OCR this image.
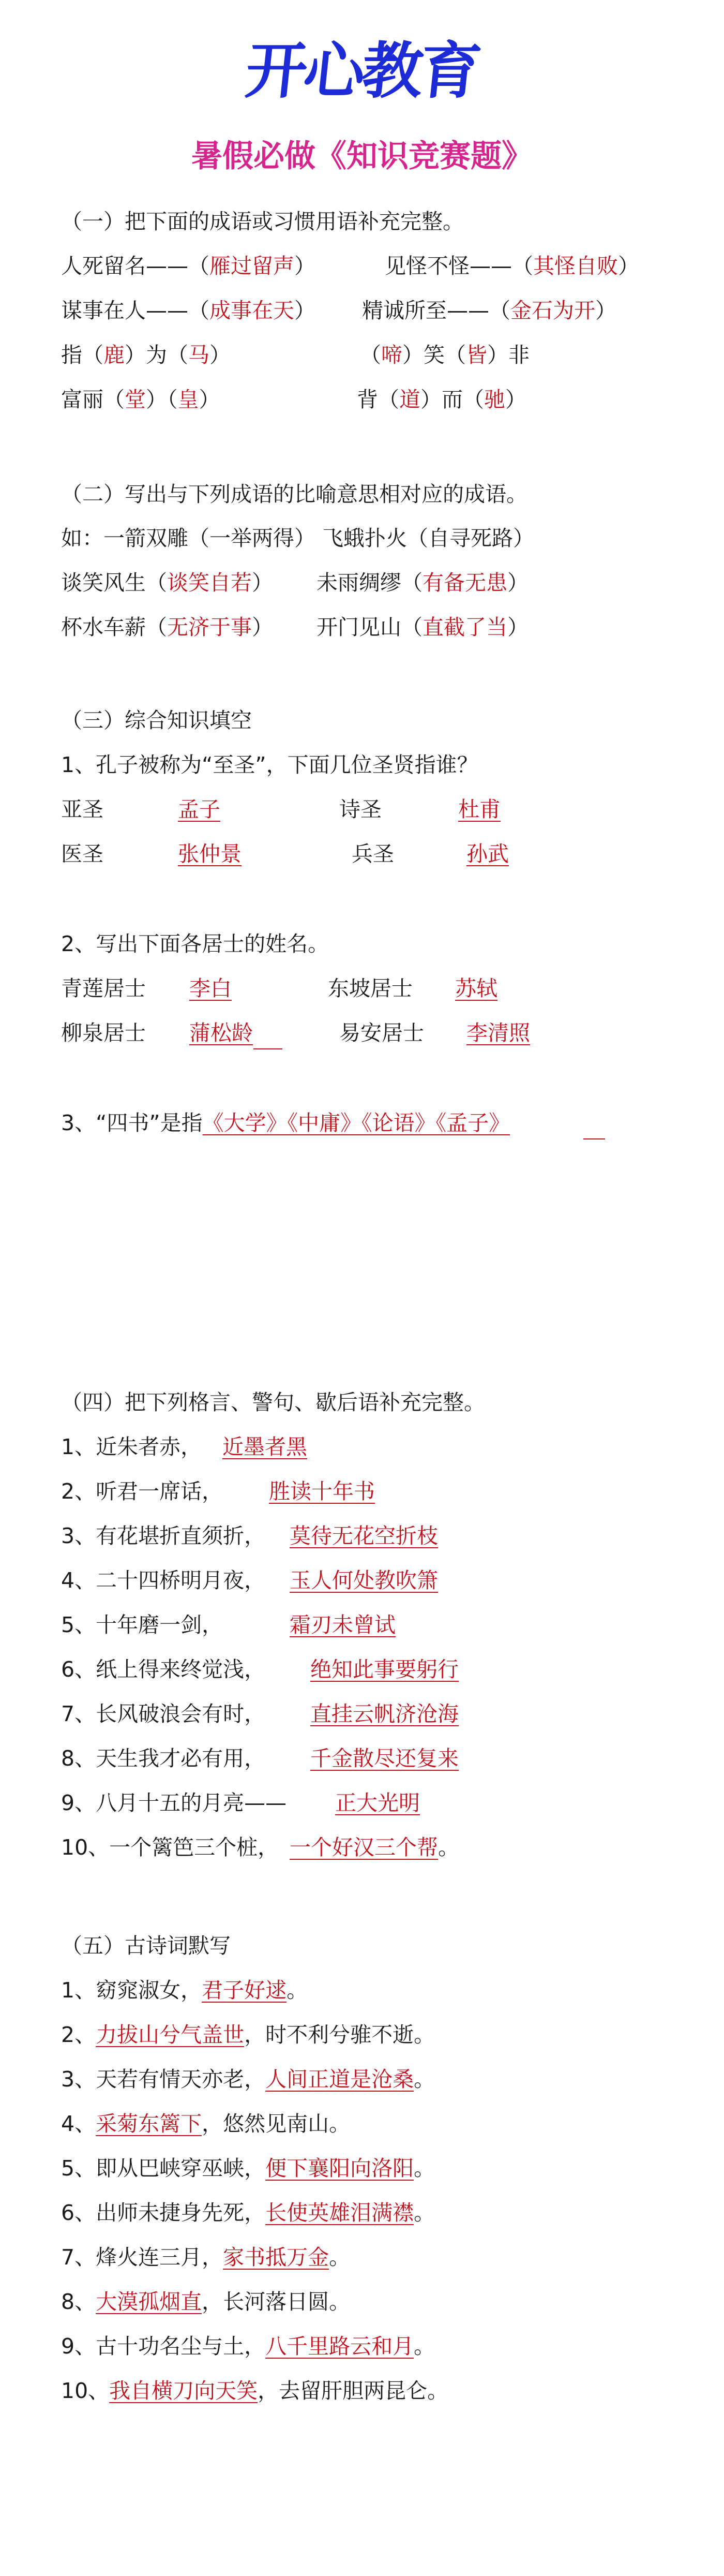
开心教育
暑假必做《知识竞赛题》
（一）把下面的成语或习惯用语补充完整。
人死留名——（雁过留声）	见怪不怪——（其怪自败）
谋事在人——（成事在天） 精诚所至——（金石为开）
指（鹿）为（马）	（啼）笑（皆）非
富丽（堂）（皇）	背（道）而（驰）
（二）写出与下列成语的比喻意思相对应的成语。
如：一箭双雕（一举两得） 飞蛾扑火（自寻死路）
谈笑风生（谈笑自若） 未雨绸缪（有备无患）
杯水车薪（无济于事） 开门见山（直截了当）
（三）综合知识填空
1、孔子被称为“至圣”，下面几位圣贤指谁？
亚圣	孟子	诗圣	杜甫
医圣	张仲景	兵圣	孙武
2、写出下面各居士的姓名。
青莲居士 李白	东坡居士 苏轼
柳泉居士 蒲松龄	易安居士 李清照
3、“四书”是指《大学》《中庸》《论语》《孟子》
（四）把下列格言、警句、歇后语补充完整。
1、近朱者赤， 近墨者黑
2、听君一席话， 胜读十年书
3、有花堪折直须折， 莫待无花空折枝
4、二十四桥明月夜， 玉人何处教吹箫
5、十年磨一剑，	霜刃未曾试
6、纸上得来终觉浅， 绝知此事要躬行
7、长风破浪会有时， 直挂云帆济沧海
8、天生我才必有用， 千金散尽还复来
9、八月十五的月亮—— 正大光明
10、一个篱笆三个桩， 一个好汉三个帮。
（五）古诗词默写
1、窈窕淑女，君子好逑。
2、力拔山兮气盖世，时不利兮骓不逝。
3、天若有情天亦老，人间正道是沧桑。
4、采菊东篱下，悠然见南山。
5、即从巴峡穿巫峡，便下襄阳向洛阳。
6、出师未捷身先死，长使英雄泪满襟。
7、烽火连三月，家书抵万金。
8、大漠孤烟直，长河落日圆。
9、古十功名尘与土，八千里路云和月。
10、我自横刀向天笑，去留肝胆两昆仑。
